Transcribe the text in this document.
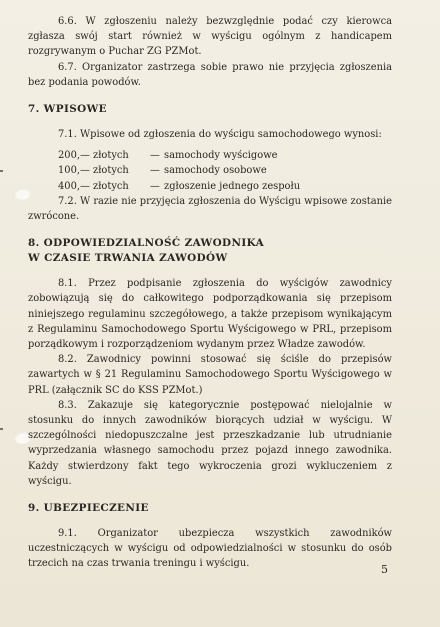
6.6. W zgłoszeniu należy bezwzględnie podać czy kierowca zgłasza swój start również w wyścigu ogólnym z handicapem rozgrywanym o Puchar ZG PZMot.

6.7. Organizator zastrzega sobie prawo nie przyjęcia zgłoszenia bez podania powodów.

7. WPISOWE

7.1. Wpisowe od zgłoszenia do wyścigu samochodowego wynosi:

200,— złotych	— samochody wyścigowe
100,— złotych	— samochody osobowe
400,— złotych	— zgłoszenie jednego zespołu

7.2. W razie nie przyjęcia zgłoszenia do Wyścigu wpisowe zostanie zwrócone.

8. ODPOWIEDZIALNOŚĆ ZAWODNIKA
W CZASIE TRWANIA ZAWODÓW

8.1. Przez podpisanie zgłoszenia do wyścigów zawodnicy zobowiązują się do całkowitego podporządkowania się przepisom niniejszego regulaminu szczegółowego, a także przepisom wynikającym z Regulaminu Samochodowego Sportu Wyścigowego w PRL, przepisom porządkowym i rozporządzeniom wydanym przez Władze zawodów.

8.2. Zawodnicy powinni stosować się ściśle do przepisów zawartych w § 21 Regulaminu Samochodowego Sportu Wyścigowego w PRL (załącznik SC do KSS PZMot.)

8.3. Zakazuje się kategorycznie postępować nielojalnie w stosunku do innych zawodników biorących udział w wyścigu. W szczególności niedopuszczalne jest przeszkadzanie lub utrudnianie wyprzedzania własnego samochodu przez pojazd innego zawodnika. Każdy stwierdzony fakt tego wykroczenia grozi wykluczeniem z wyścigu.

9. UBEZPIECZENIE

9.1. Organizator ubezpiecza wszystkich zawodników uczestniczących w wyścigu od odpowiedzialności w stosunku do osób trzecich na czas trwania treningu i wyścigu.	5
